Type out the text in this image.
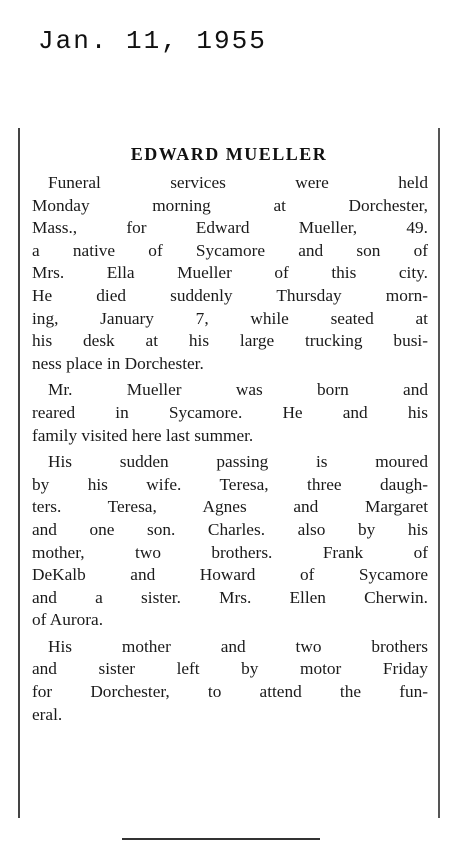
Jan. 11, 1955
EDWARD MUELLER
Funeral services were held
Monday morning at Dorchester,
Mass., for Edward Mueller, 49.
a native of Sycamore and son of
Mrs. Ella Mueller of this city.
He died suddenly Thursday morn-
ing, January 7, while seated at
his desk at his large trucking busi-
ness place in Dorchester.
Mr. Mueller was born and
reared in Sycamore. He and his
family visited here last summer.
His sudden passing is moured
by his wife. Teresa, three daugh-
ters. Teresa, Agnes and Margaret
and one son. Charles. also by his
mother, two brothers. Frank of
DeKalb and Howard of Sycamore
and a sister. Mrs. Ellen Cherwin.
of Aurora.
His mother and two brothers
and sister left by motor Friday
for Dorchester, to attend the fun-
eral.
